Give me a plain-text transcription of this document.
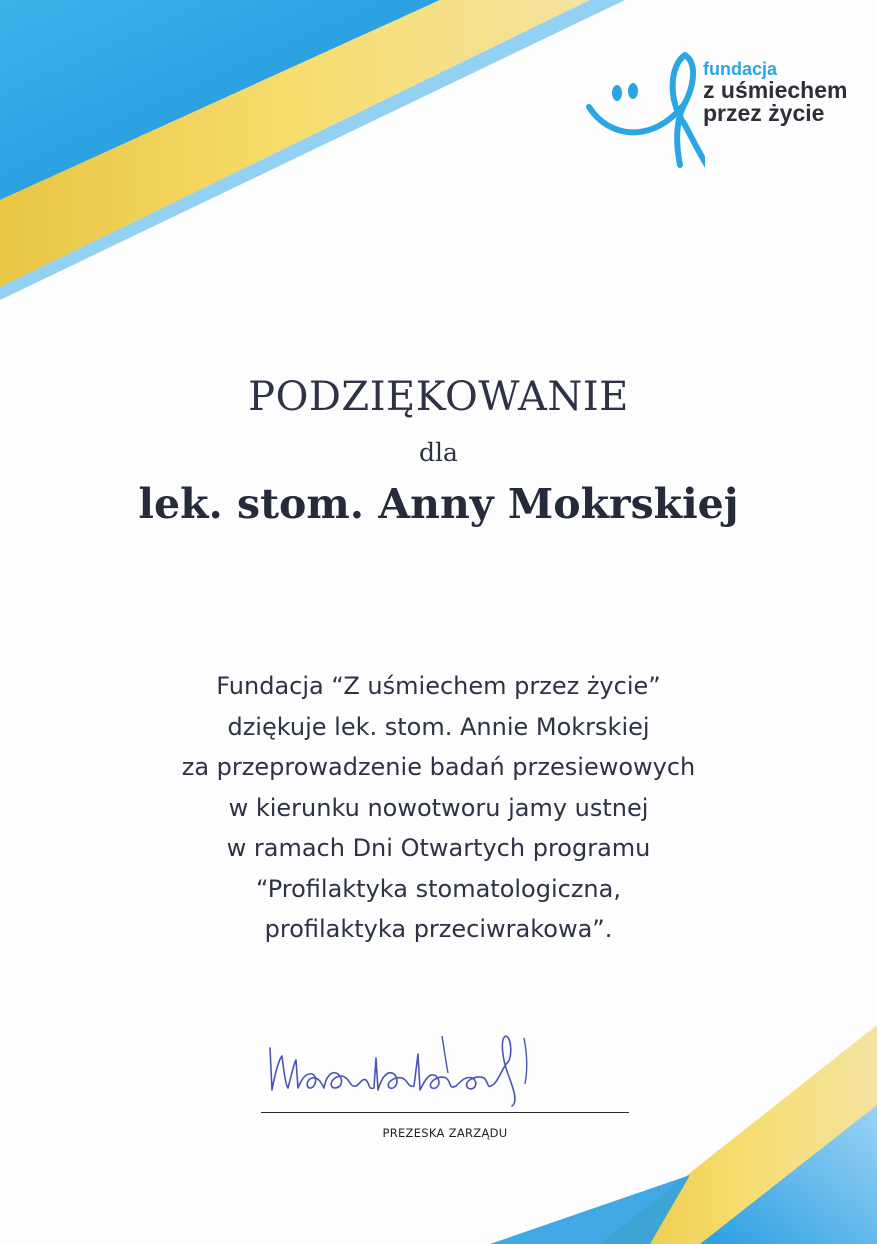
fundacja
z uśmiechem
przez życie
PODZIĘKOWANIE
dla
lek. stom. Anny Mokrskiej
Fundacja “Z uśmiechem przez życie”
dziękuje lek. stom. Annie Mokrskiej
za przeprowadzenie badań przesiewowych
w kierunku nowotworu jamy ustnej
w ramach Dni Otwartych programu
“Profilaktyka stomatologiczna,
profilaktyka przeciwrakowa”.
PREZESKA ZARZĄDU
